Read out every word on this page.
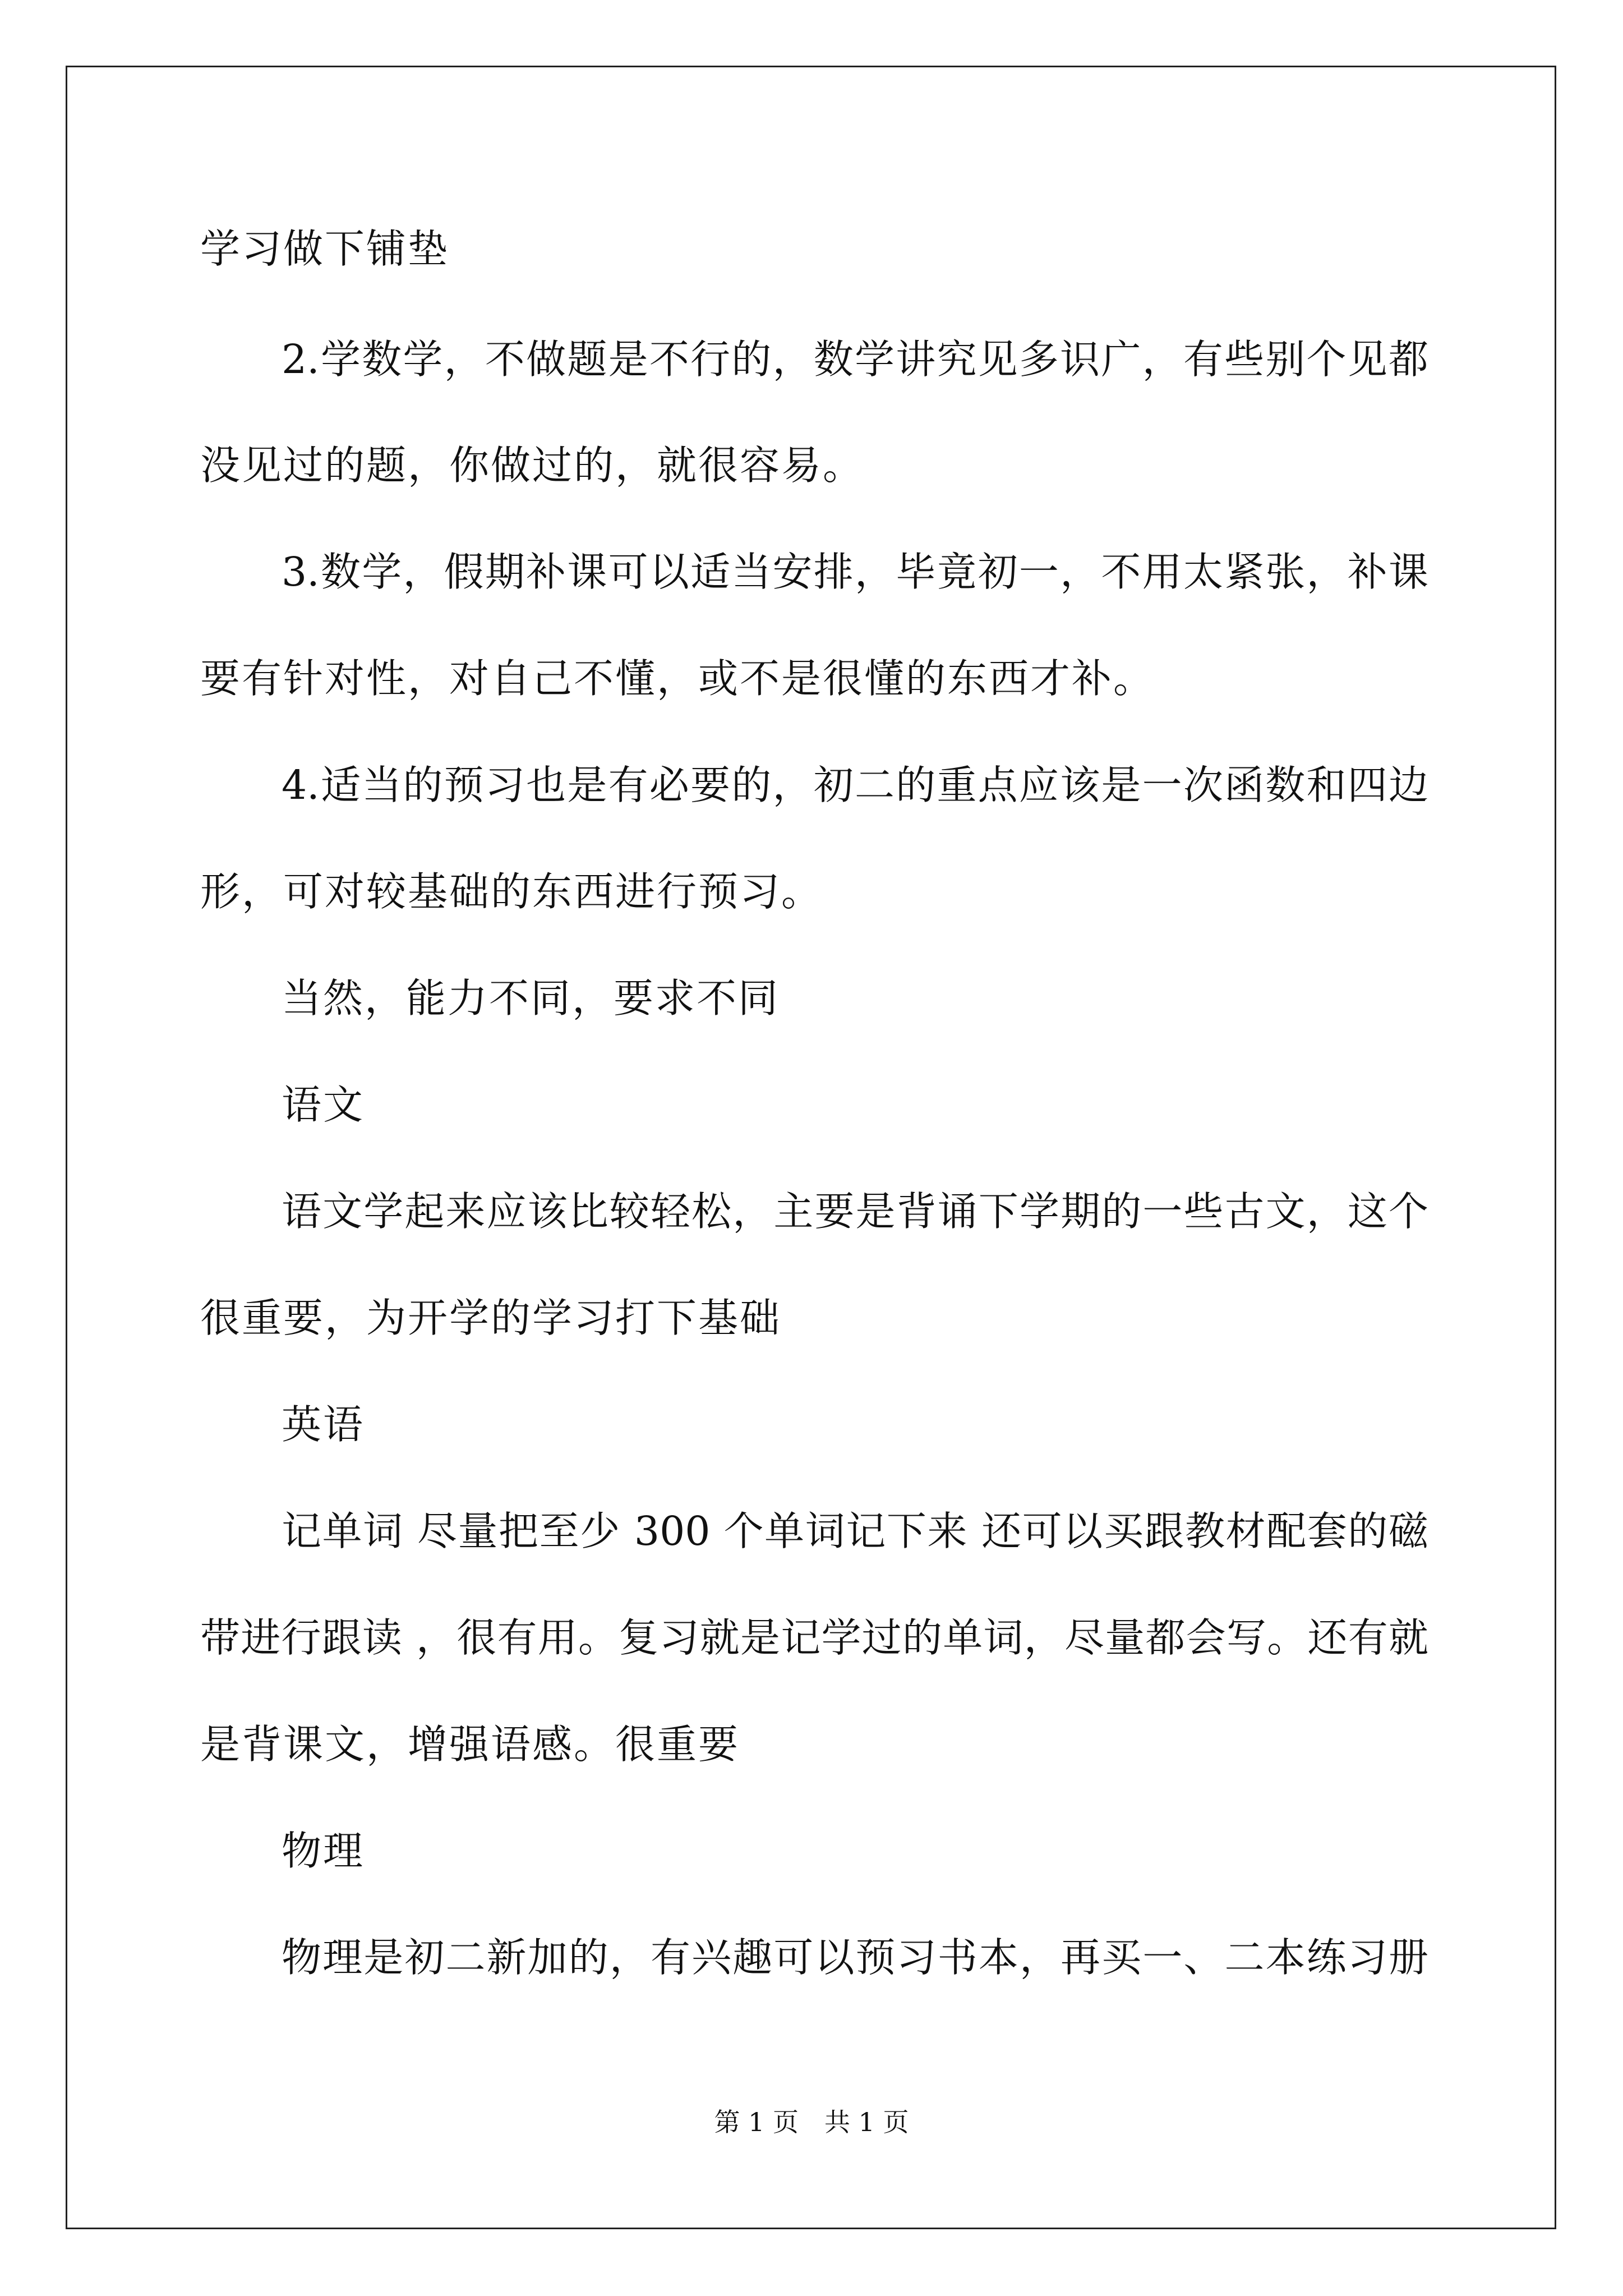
学习做下铺垫
2.学数学，不做题是不行的，数学讲究见多识广，有些别个见都
没见过的题，你做过的，就很容易。
3.数学，假期补课可以适当安排，毕竟初一，不用太紧张，补课
要有针对性，对自己不懂，或不是很懂的东西才补。
4.适当的预习也是有必要的，初二的重点应该是一次函数和四边
形，可对较基础的东西进行预习。
当然，能力不同，要求不同
语文
语文学起来应该比较轻松，主要是背诵下学期的一些古文，这个
很重要，为开学的学习打下基础
英语
记单词 尽量把至少 300 个单词记下来 还可以买跟教材配套的磁
带进行跟读 ，很有用。复习就是记学过的单词，尽量都会写。还有就
是背课文，增强语感。很重要
物理
物理是初二新加的，有兴趣可以预习书本，再买一、二本练习册
第 1 页　共 1 页
